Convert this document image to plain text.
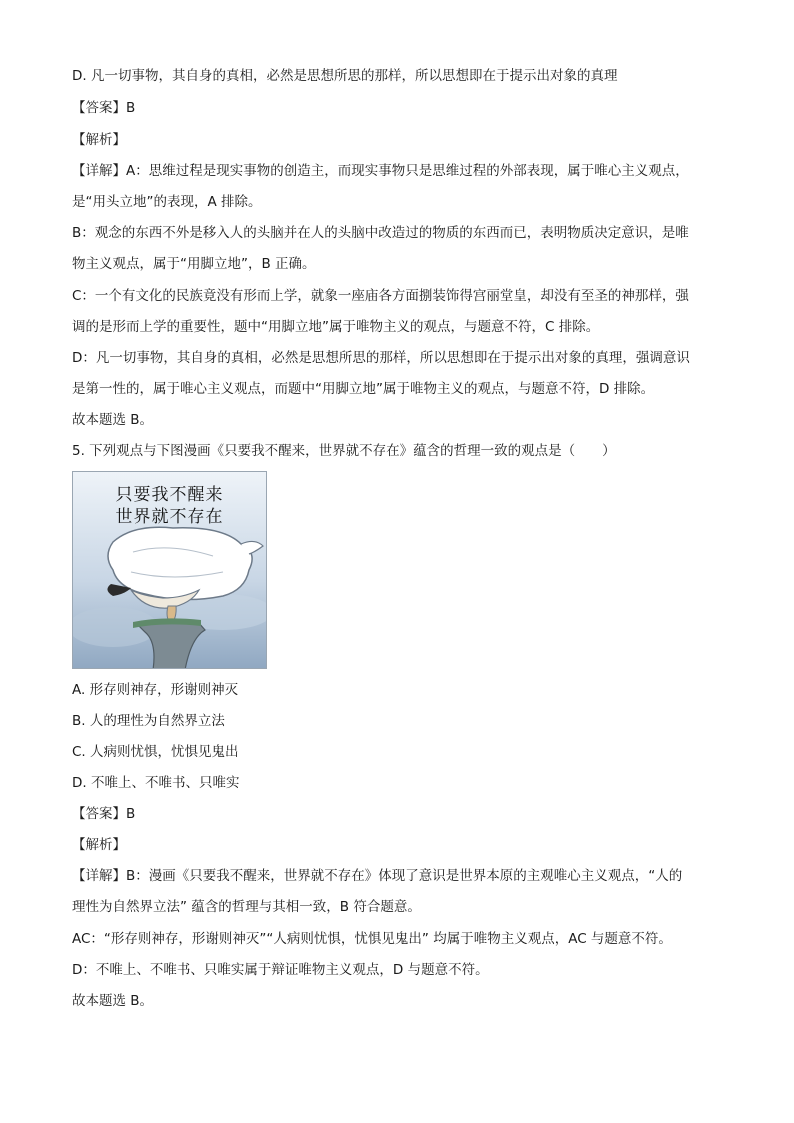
D. 凡一切事物，其自身的真相，必然是思想所思的那样，所以思想即在于提示出对象的真理
【答案】B
【解析】
【详解】A：思维过程是现实事物的创造主，而现实事物只是思维过程的外部表现，属于唯心主义观点，
是“用头立地”的表现，A 排除。
B：观念的东西不外是移入人的头脑并在人的头脑中改造过的物质的东西而已，表明物质决定意识，是唯
物主义观点，属于“用脚立地”，B 正确。
C：一个有文化的民族竟没有形而上学，就象一座庙各方面捌装饰得宫丽堂皇，却没有至圣的神那样，强
调的是形而上学的重要性，题中“用脚立地”属于唯物主义的观点，与题意不符，C 排除。
D：凡一切事物，其自身的真相，必然是思想所思的那样，所以思想即在于提示出对象的真理，强调意识
是第一性的，属于唯心主义观点，而题中“用脚立地”属于唯物主义的观点，与题意不符，D 排除。
故本题选 B。
5. 下列观点与下图漫画《只要我不醒来，世界就不存在》蕴含的哲理一致的观点是（　　）
只要我不醒来
世界就不存在
A. 形存则神存，形谢则神灭
B. 人的理性为自然界立法
C. 人病则忧惧，忧惧见鬼出
D. 不唯上、不唯书、只唯实
【答案】B
【解析】
【详解】B：漫画《只要我不醒来，世界就不存在》体现了意识是世界本原的主观唯心主义观点，“人的
理性为自然界立法” 蕴含的哲理与其相一致，B 符合题意。
AC：“形存则神存，形谢则神灭”“人病则忧惧，忧惧见鬼出” 均属于唯物主义观点，AC 与题意不符。
D：不唯上、不唯书、只唯实属于辩证唯物主义观点，D 与题意不符。
故本题选 B。
